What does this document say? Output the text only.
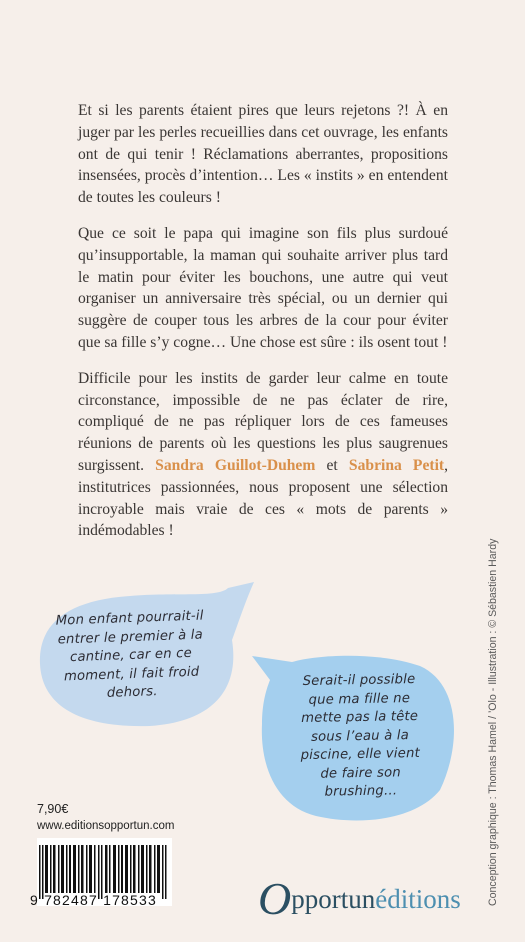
Et si les parents étaient pires que leurs rejetons ?! À en juger par les perles recueillies dans cet ouvrage, les enfants ont de qui tenir ! Réclamations aberrantes, propositions insensées, procès d’intention… Les « instits » en entendent de toutes les couleurs !

Que ce soit le papa qui imagine son fils plus surdoué qu’insupportable, la maman qui souhaite arriver plus tard le matin pour éviter les bouchons, une autre qui veut organiser un anniversaire très spécial, ou un dernier qui suggère de couper tous les arbres de la cour pour éviter que sa fille s’y cogne… Une chose est sûre : ils osent tout !

Difficile pour les instits de garder leur calme en toute circonstance, impossible de ne pas éclater de rire, compliqué de ne pas répliquer lors de ces fameuses réunions de parents où les questions les plus saugrenues surgissent. Sandra Guillot-Duhem et Sabrina Petit, institutrices passionnées, nous proposent une sélection incroyable mais vraie de ces « mots de parents » indémodables !

Conception graphique : Thomas Hamel / ’Olo - Illustration : © Sébastien Hardy
Mon enfant pourrait-il entrer le premier à la cantine, car en ce moment, il fait froid dehors.
Serait-il possible que ma fille ne mette pas la tête sous l’eau à la piscine, elle vient de faire son brushing…
7,90€
www.editionsopportun.com
9 782487 178533	Opportunéditions
